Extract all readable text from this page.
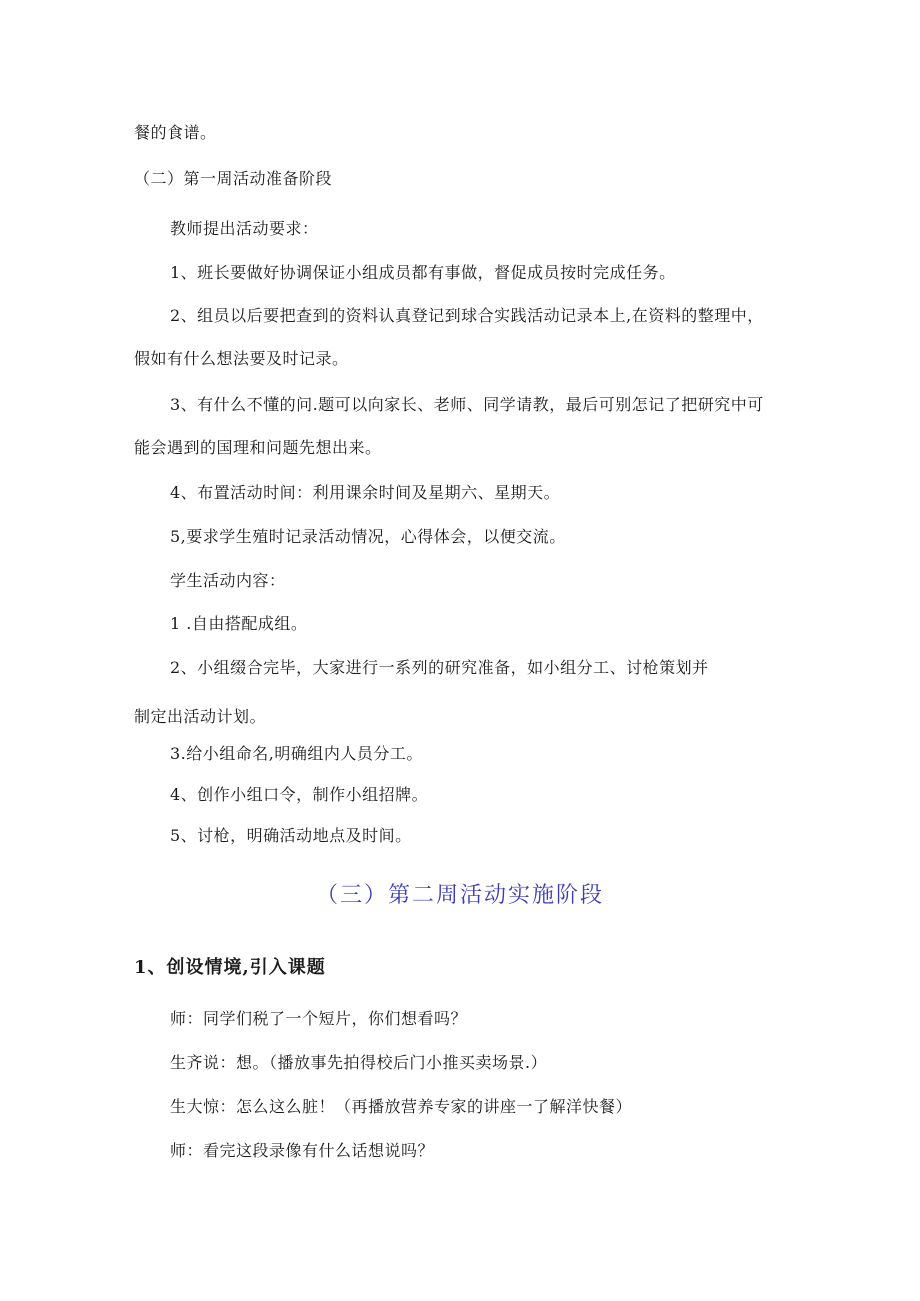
餐的食谱。
（二）第一周活动准备阶段
教师提出活动要求：
1、班长要做好协调保证小组成员都有事做，督促成员按时完成任务。
2、组员以后要把查到的资料认真登记到球合实践活动记录本上,在资料的整理中，
假如有什么想法要及时记录。
3、有什么不懂的问.题可以向家长、老师、同学请教，最后可别怎记了把研究中可
能会遇到的国理和问题先想出来。
4、布置活动时间：利用课余时间及星期六、星期天。
5,要求学生殖时记录活动情况，心得体会，以便交流。
学生活动内容：
1 .自由搭配成组。
2、小组缀合完毕，大家进行一系列的研究准备，如小组分工、讨枪策划并
制定出活动计划。
3.给小组命名,明确组内人员分工。
4、创作小组口令，制作小组招牌。
5、讨枪，明确活动地点及时间。
（三）第二周活动实施阶段
1、创设情境,引入课题
师：同学们税了一个短片，你们想看吗？
生齐说：想。（播放事先拍得校后门小推买卖场景.）
生大惊：怎么这么脏！（再播放营养专家的讲座一了解洋快餐）
师：看完这段录像有什么话想说吗？
